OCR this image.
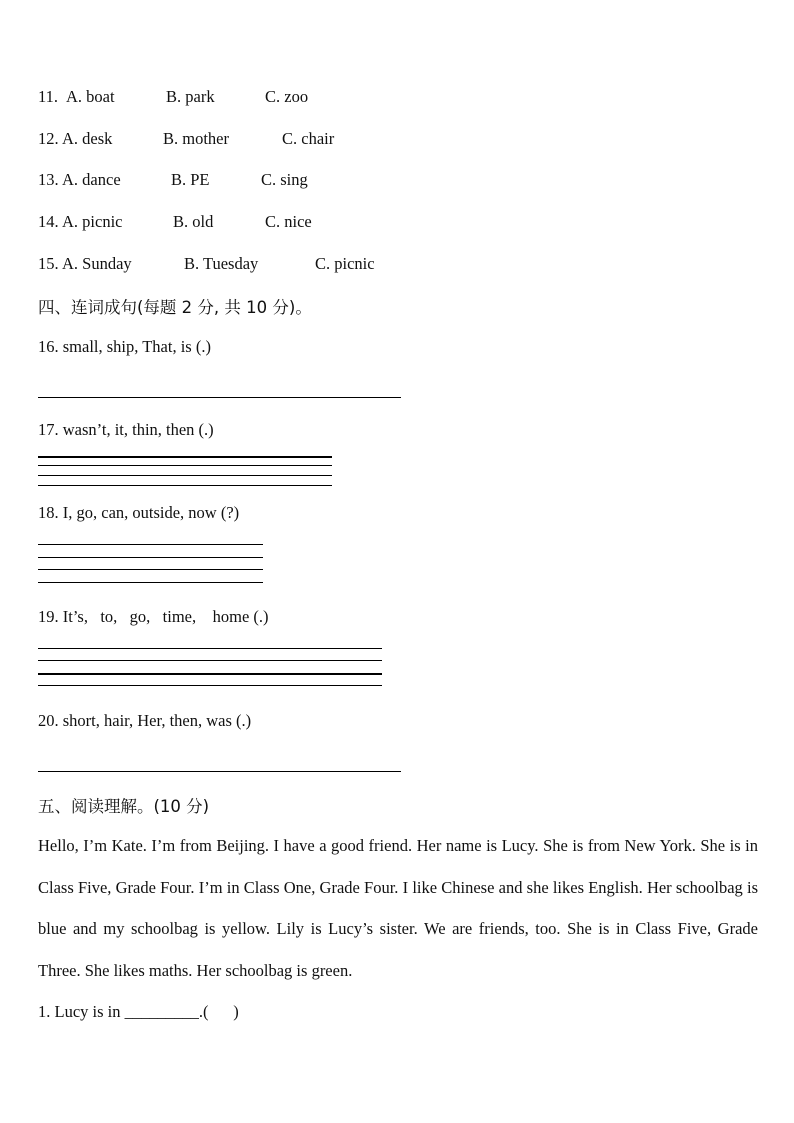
11. A. boat	B. park	C. zoo
12. A. desk	B. mother	C. chair
13. A. dance	B. PE	C. sing
14. A. picnic	B. old	C. nice
15. A. Sunday	B. Tuesday	C. picnic
四、连词成句(每题 2 分, 共 10 分)。
16. small, ship, That, is (.)
17. wasn’t, it, thin, then (.)
18. I, go, can, outside, now (?)
19. It’s,   to,   go,   time,    home (.)
20. short, hair, Her, then, was (.)
五、阅读理解。(10 分)
Hello, I’m Kate. I’m from Beijing. I have a good friend. Her name is Lucy. She is from New York. She is in Class Five, Grade Four. I’m in Class One, Grade Four. I like Chinese and she likes English. Her schoolbag is blue and my schoolbag is yellow. Lily is Lucy’s sister. We are friends, too. She is in Class Five, Grade Three. She likes maths. Her schoolbag is green.
1. Lucy is in _________.(      )
